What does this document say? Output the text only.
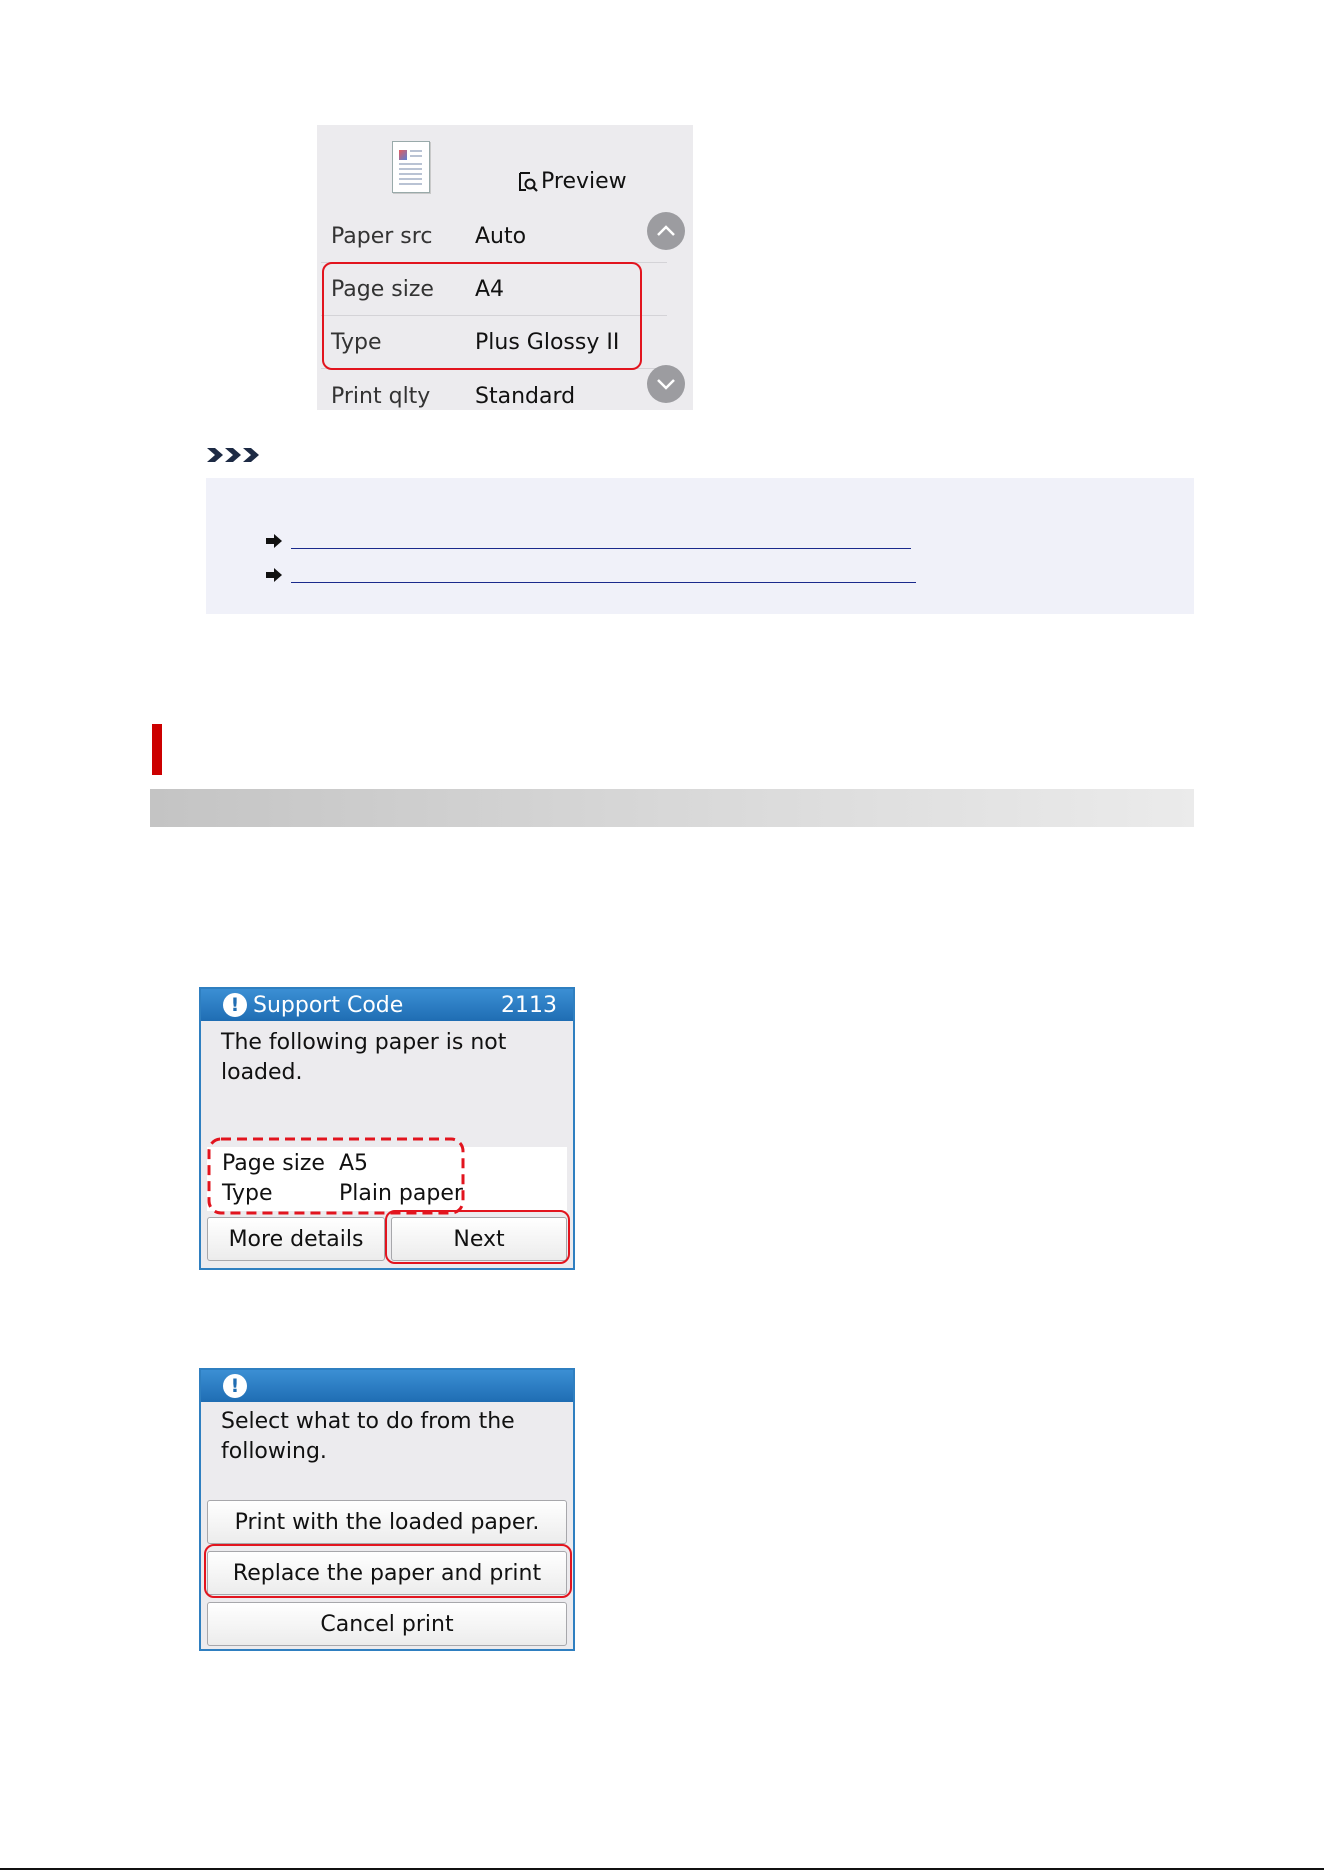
Preview
Paper src	Auto
Page size	A4
Type	Plus Glossy II
Print qlty	Standard
! Support Code	2113
The following paper is not
loaded.
Page size A5
Type	Plain paper
More details	Next
!
Select what to do from the
following.
Print with the loaded paper.
Replace the paper and print
Cancel print
